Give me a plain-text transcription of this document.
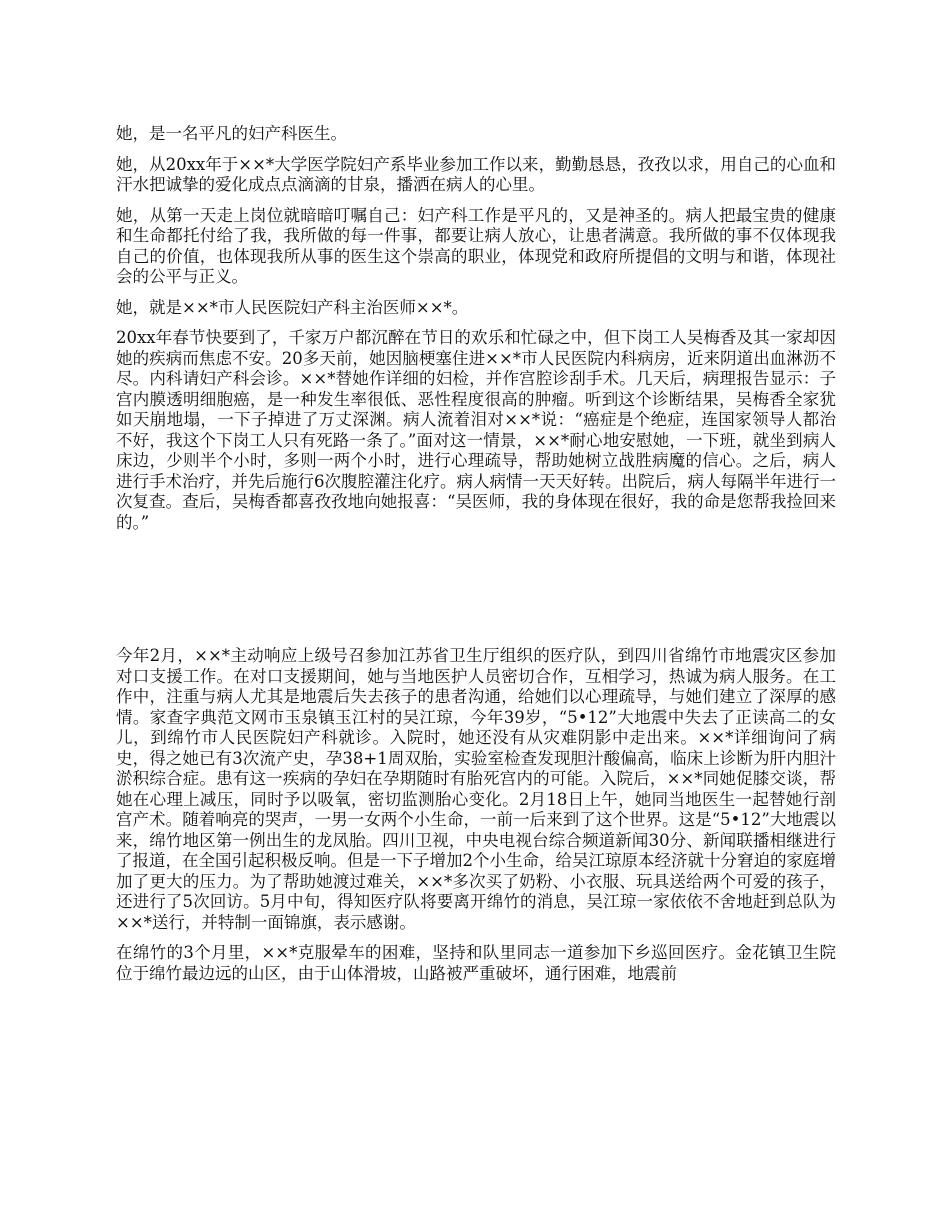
她，是一名平凡的妇产科医生。

她，从20xx年于××*大学医学院妇产系毕业参加工作以来，勤勤恳恳，孜孜以求，用自己的心血和汗水把诚挚的爱化成点点滴滴的甘泉，播洒在病人的心里。

她，从第一天走上岗位就暗暗叮嘱自己：妇产科工作是平凡的，又是神圣的。病人把最宝贵的健康和生命都托付给了我，我所做的每一件事，都要让病人放心，让患者满意。我所做的事不仅体现我自己的价值，也体现我所从事的医生这个崇高的职业，体现党和政府所提倡的文明与和谐，体现社会的公平与正义。

她，就是××*市人民医院妇产科主治医师××*。

20xx年春节快要到了，千家万户都沉醉在节日的欢乐和忙碌之中，但下岗工人吴梅香及其一家却因她的疾病而焦虑不安。20多天前，她因脑梗塞住进××*市人民医院内科病房，近来阴道出血淋沥不尽。内科请妇产科会诊。××*替她作详细的妇检，并作宫腔诊刮手术。几天后，病理报告显示：子宫内膜透明细胞癌，是一种发生率很低、恶性程度很高的肿瘤。听到这个诊断结果，吴梅香全家犹如天崩地塌，一下子掉进了万丈深渊。病人流着泪对××*说：“癌症是个绝症，连国家领导人都治不好，我这个下岗工人只有死路一条了。”面对这一情景，××*耐心地安慰她，一下班，就坐到病人床边，少则半个小时，多则一两个小时，进行心理疏导，帮助她树立战胜病魔的信心。之后，病人进行手术治疗，并先后施行6次腹腔灌注化疗。病人病情一天天好转。出院后，病人每隔半年进行一次复查。查后，吴梅香都喜孜孜地向她报喜：“吴医师，我的身体现在很好，我的命是您帮我捡回来的。”

今年2月，××*主动响应上级号召参加江苏省卫生厅组织的医疗队，到四川省绵竹市地震灾区参加对口支援工作。在对口支援期间，她与当地医护人员密切合作，互相学习，热诚为病人服务。在工作中，注重与病人尤其是地震后失去孩子的患者沟通，给她们以心理疏导，与她们建立了深厚的感情。家查字典范文网市玉泉镇玉江村的吴江琼，今年39岁，“5•12”大地震中失去了正读高二的女儿，到绵竹市人民医院妇产科就诊。入院时，她还没有从灾难阴影中走出来。××*详细询问了病史，得之她已有3次流产史，孕38+1周双胎，实验室检查发现胆汁酸偏高，临床上诊断为肝内胆汁淤积综合症。患有这一疾病的孕妇在孕期随时有胎死宫内的可能。入院后，××*同她促膝交谈，帮她在心理上减压，同时予以吸氧，密切监测胎心变化。2月18日上午，她同当地医生一起替她行剖宫产术。随着响亮的哭声，一男一女两个小生命，一前一后来到了这个世界。这是“5•12”大地震以来，绵竹地区第一例出生的龙凤胎。四川卫视，中央电视台综合频道新闻30分、新闻联播相继进行了报道，在全国引起积极反响。但是一下子增加2个小生命，给吴江琼原本经济就十分窘迫的家庭增加了更大的压力。为了帮助她渡过难关，××*多次买了奶粉、小衣服、玩具送给两个可爱的孩子，还进行了5次回访。5月中旬，得知医疗队将要离开绵竹的消息，吴江琼一家依依不舍地赶到总队为××*送行，并特制一面锦旗，表示感谢。

在绵竹的3个月里，××*克服晕车的困难，坚持和队里同志一道参加下乡巡回医疗。金花镇卫生院位于绵竹最边远的山区，由于山体滑坡，山路被严重破坏，通行困难，地震前
